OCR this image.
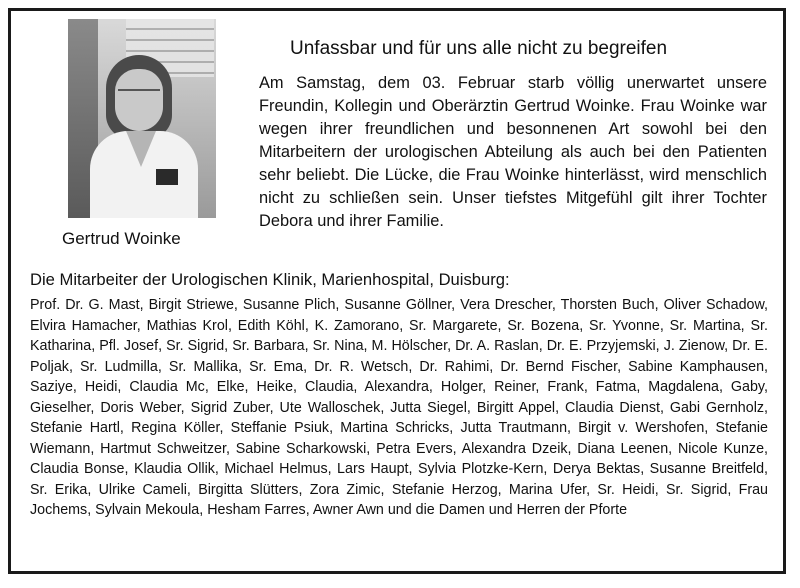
Gertrud Woinke
Unfassbar und für uns alle nicht zu begreifen

Am Samstag, dem 03. Februar starb völlig unerwartet unsere Freundin, Kollegin und Oberärztin Gertrud Woinke. Frau Woinke war wegen ihrer freundlichen und besonnenen Art sowohl bei den Mitarbeitern der urologischen Abteilung als auch bei den Patienten sehr beliebt. Die Lücke, die Frau Woinke hinterlässt, wird menschlich nicht zu schließen sein. Unser tiefstes Mitgefühl gilt ihrer Tochter Debora und ihrer Familie.

Die Mitarbeiter der Urologischen Klinik, Marienhospital, Duisburg:

Prof. Dr. G. Mast, Birgit Striewe, Susanne Plich, Susanne Göllner, Vera Drescher, Thorsten Buch, Oliver Schadow, Elvira Hamacher, Mathias Krol, Edith Köhl, K. Zamorano, Sr. Margarete, Sr. Bozena, Sr. Yvonne, Sr. Martina, Sr. Katharina, Pfl. Josef, Sr. Sigrid, Sr. Barbara, Sr. Nina, M. Hölscher, Dr. A. Raslan, Dr. E. Przyjemski, J. Zienow, Dr. E. Poljak, Sr. Ludmilla, Sr. Mallika, Sr. Ema, Dr. R. Wetsch, Dr. Rahimi, Dr. Bernd Fischer, Sabine Kamphausen, Saziye, Heidi, Claudia Mc, Elke, Heike, Claudia, Alexandra, Holger, Reiner, Frank, Fatma, Magdalena, Gaby, Gieselher, Doris Weber, Sigrid Zuber, Ute Walloschek, Jutta Siegel, Birgitt Appel, Claudia Dienst, Gabi Gernholz, Stefanie Hartl, Regina Köller, Steffanie Psiuk, Martina Schricks, Jutta Trautmann, Birgit v. Wershofen, Stefanie Wiemann, Hartmut Schweitzer, Sabine Scharkowski, Petra Evers, Alexandra Dzeik, Diana Leenen, Nicole Kunze, Claudia Bonse, Klaudia Ollik, Michael Helmus, Lars Haupt, Sylvia Plotzke-Kern, Derya Bektas, Susanne Breitfeld, Sr. Erika, Ulrike Cameli, Birgitta Slütters, Zora Zimic, Stefanie Herzog, Marina Ufer, Sr. Heidi, Sr. Sigrid, Frau Jochems, Sylvain Mekoula, Hesham Farres, Awner Awn und die Damen und Herren der Pforte
